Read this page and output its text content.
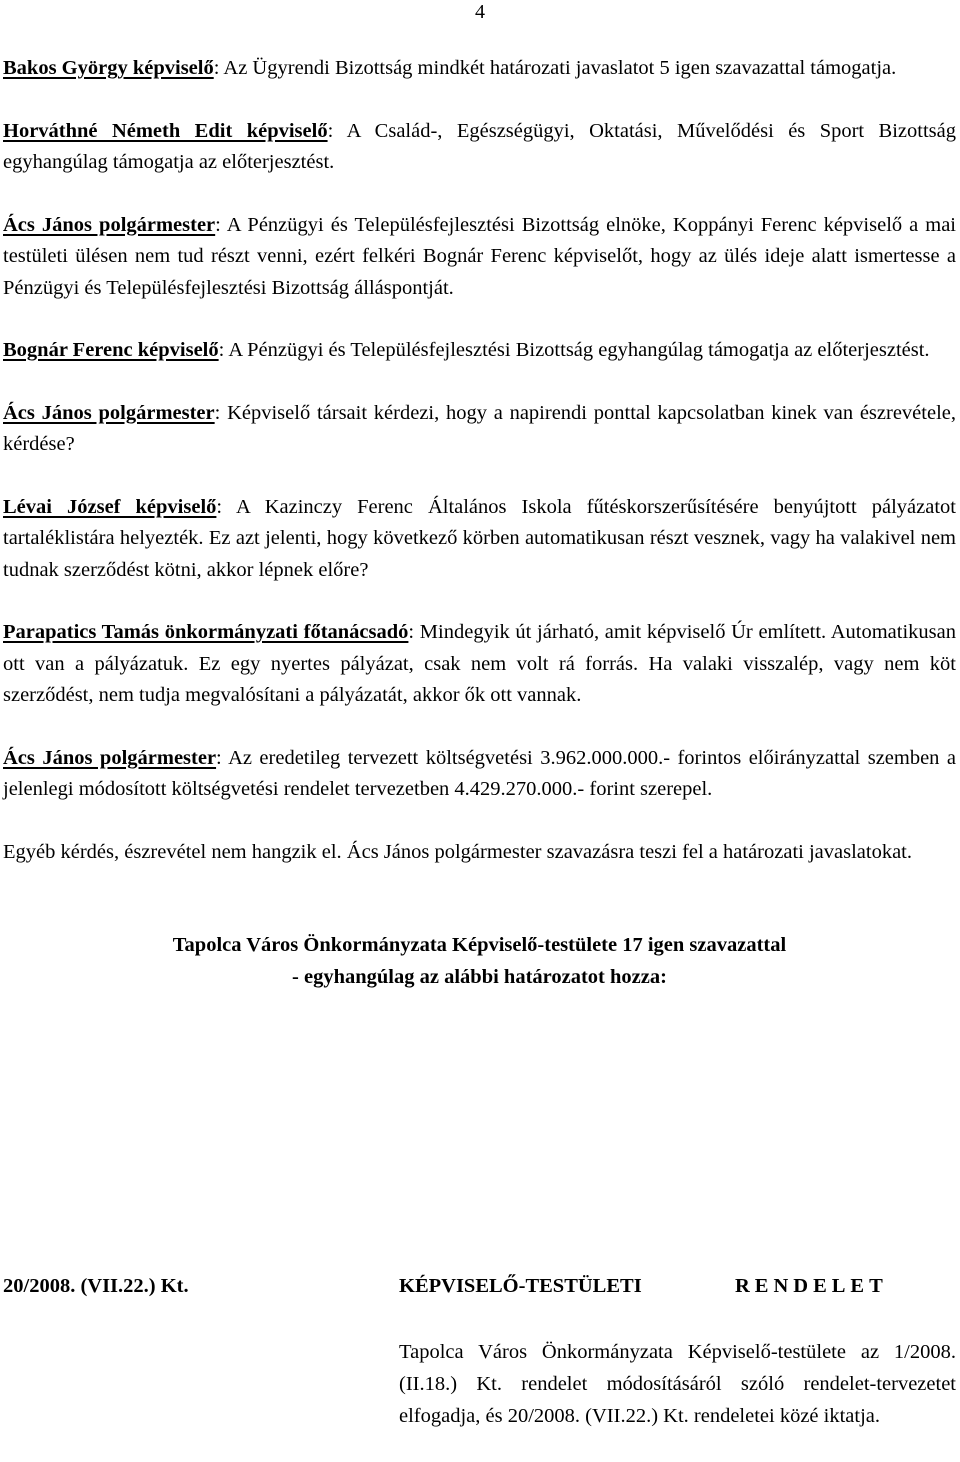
4

Bakos György képviselő: Az Ügyrendi Bizottság mindkét határozati javaslatot 5 igen szavazattal támogatja.

Horváthné Németh Edit képviselő: A Család-, Egészségügyi, Oktatási, Művelődési és Sport Bizottság egyhangúlag támogatja az előterjesztést.

Ács János polgármester: A Pénzügyi és Településfejlesztési Bizottság elnöke, Koppányi Ferenc képviselő a mai testületi ülésen nem tud részt venni, ezért felkéri Bognár Ferenc képviselőt, hogy az ülés ideje alatt ismertesse a Pénzügyi és Településfejlesztési Bizottság álláspontját.

Bognár Ferenc képviselő: A Pénzügyi és Településfejlesztési Bizottság egyhangúlag támogatja az előterjesztést.

Ács János polgármester: Képviselő társait kérdezi, hogy a napirendi ponttal kapcsolatban kinek van észrevétele, kérdése?

Lévai József képviselő: A Kazinczy Ferenc Általános Iskola fűtéskorszerűsítésére benyújtott pályázatot tartaléklistára helyezték. Ez azt jelenti, hogy következő körben automatikusan részt vesznek, vagy ha valakivel nem tudnak szerződést kötni, akkor lépnek előre?

Parapatics Tamás önkormányzati főtanácsadó: Mindegyik út járható, amit képviselő Úr említett. Automatikusan ott van a pályázatuk. Ez egy nyertes pályázat, csak nem volt rá forrás. Ha valaki visszalép, vagy nem köt szerződést, nem tudja megvalósítani a pályázatát, akkor ők ott vannak.

Ács János polgármester: Az eredetileg tervezett költségvetési 3.962.000.000.- forintos előirányzattal szemben a jelenlegi módosított költségvetési rendelet tervezetben 4.429.270.000.- forint szerepel.

Egyéb kérdés, észrevétel nem hangzik el. Ács János polgármester szavazásra teszi fel a határozati javaslatokat.

Tapolca Város Önkormányzata Képviselő-testülete 17 igen szavazattal
- egyhangúlag az alábbi határozatot hozza:

20/2008. (VII.22.) Kt.	KÉPVISELŐ-TESTÜLETI	RENDELET

Tapolca Város Önkormányzata Képviselő-testülete az 1/2008. (II.18.) Kt. rendelet módosításáról szóló rendelet-tervezetet elfogadja, és 20/2008. (VII.22.) Kt. rendeletei közé iktatja.
